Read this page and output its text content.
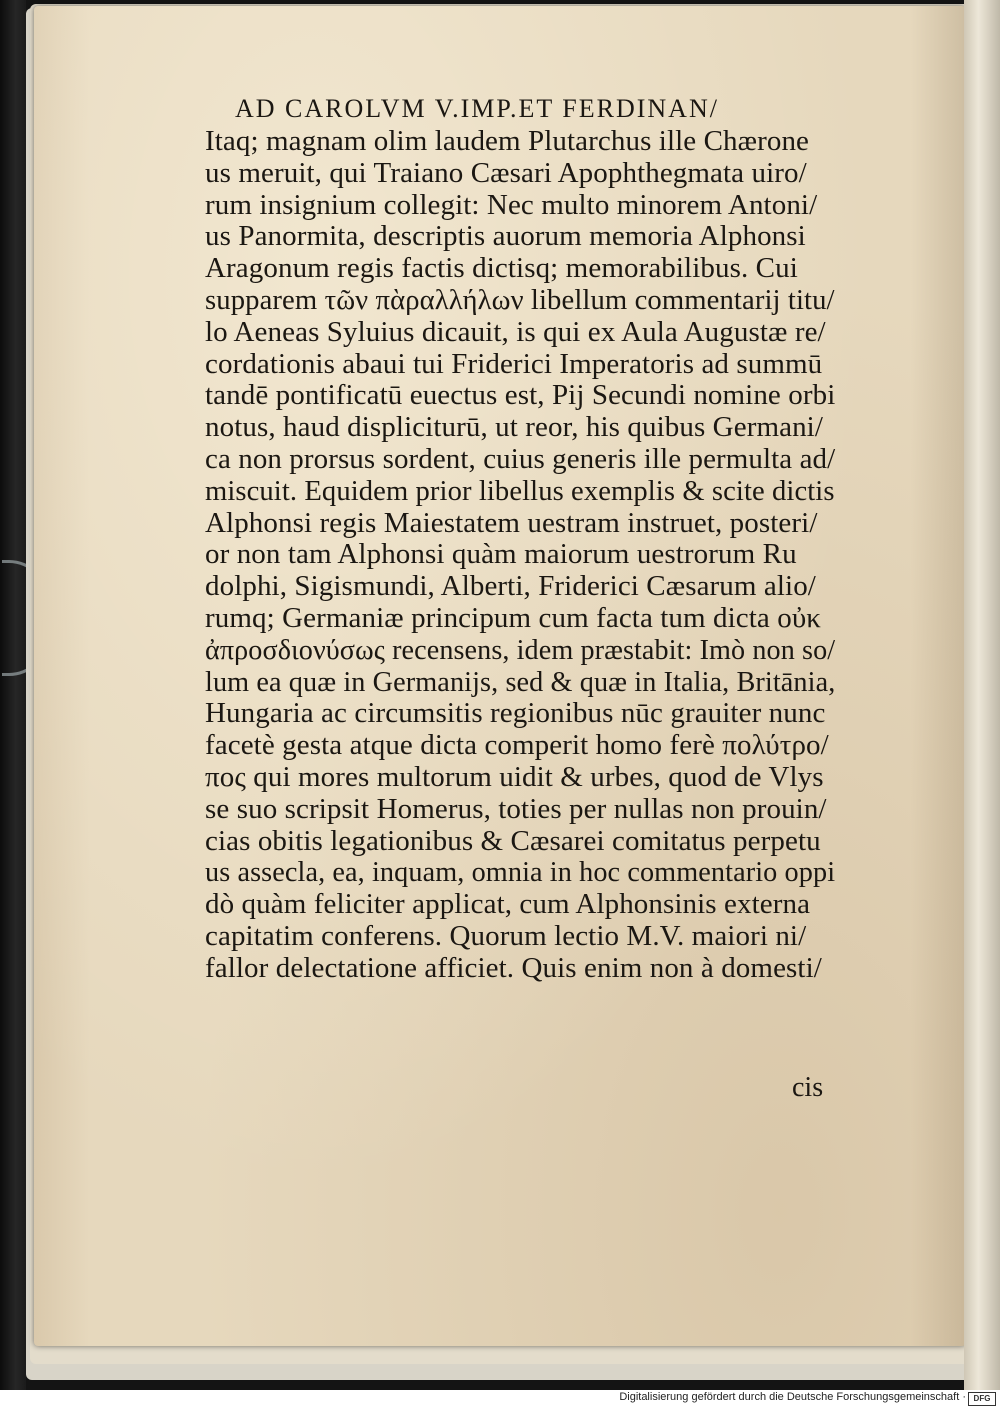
AD CAROLVM V.IMP.ET FERDINAN/
Itaq; magnam olim laudem Plutarchus ille Chærone
us meruit, qui Traiano Cæsari Apophthegmata uiro/
rum insignium collegit: Nec multo minorem Antoni/
us Panormita, descriptis auorum memoria Alphonsi
Aragonum regis factis dictisq; memorabilibus. Cui
supparem τῶν πὰραλλήλων libellum commentarij titu/
lo Aeneas Syluius dicauit, is qui ex Aula Augustæ re/
cordationis abaui tui Friderici Imperatoris ad summū
tandē pontificatū euectus est, Pij Secundi nomine orbi
notus, haud displiciturū, ut reor, his quibus Germani/
ca non prorsus sordent, cuius generis ille permulta ad/
miscuit. Equidem prior libellus exemplis & scite dictis
Alphonsi regis Maiestatem uestram instruet, posteri/
or non tam Alphonsi quàm maiorum uestrorum Ru
dolphi, Sigismundi, Alberti, Friderici Cæsarum alio/
rumq; Germaniæ principum cum facta tum dicta οὐκ
ἀπροσδιονύσως recensens, idem præstabit: Imò non so/
lum ea quæ in Germanijs, sed & quæ in Italia, Britānia,
Hungaria ac circumsitis regionibus nūc grauiter nunc
facetè gesta atque dicta comperit homo ferè πολύτρο/
πος qui mores multorum uidit & urbes, quod de Vlys
se suo scripsit Homerus, toties per nullas non prouin/
cias obitis legationibus & Cæsarei comitatus perpetu
us assecla, ea, inquam, omnia in hoc commentario oppi
dò quàm feliciter applicat, cum Alphonsinis externa
capitatim conferens. Quorum lectio M.V. maiori ni/
fallor delectatione afficiet. Quis enim non à domesti/
cis
Digitalisierung gefördert durch die Deutsche Forschungsgemeinschaft · DFG
